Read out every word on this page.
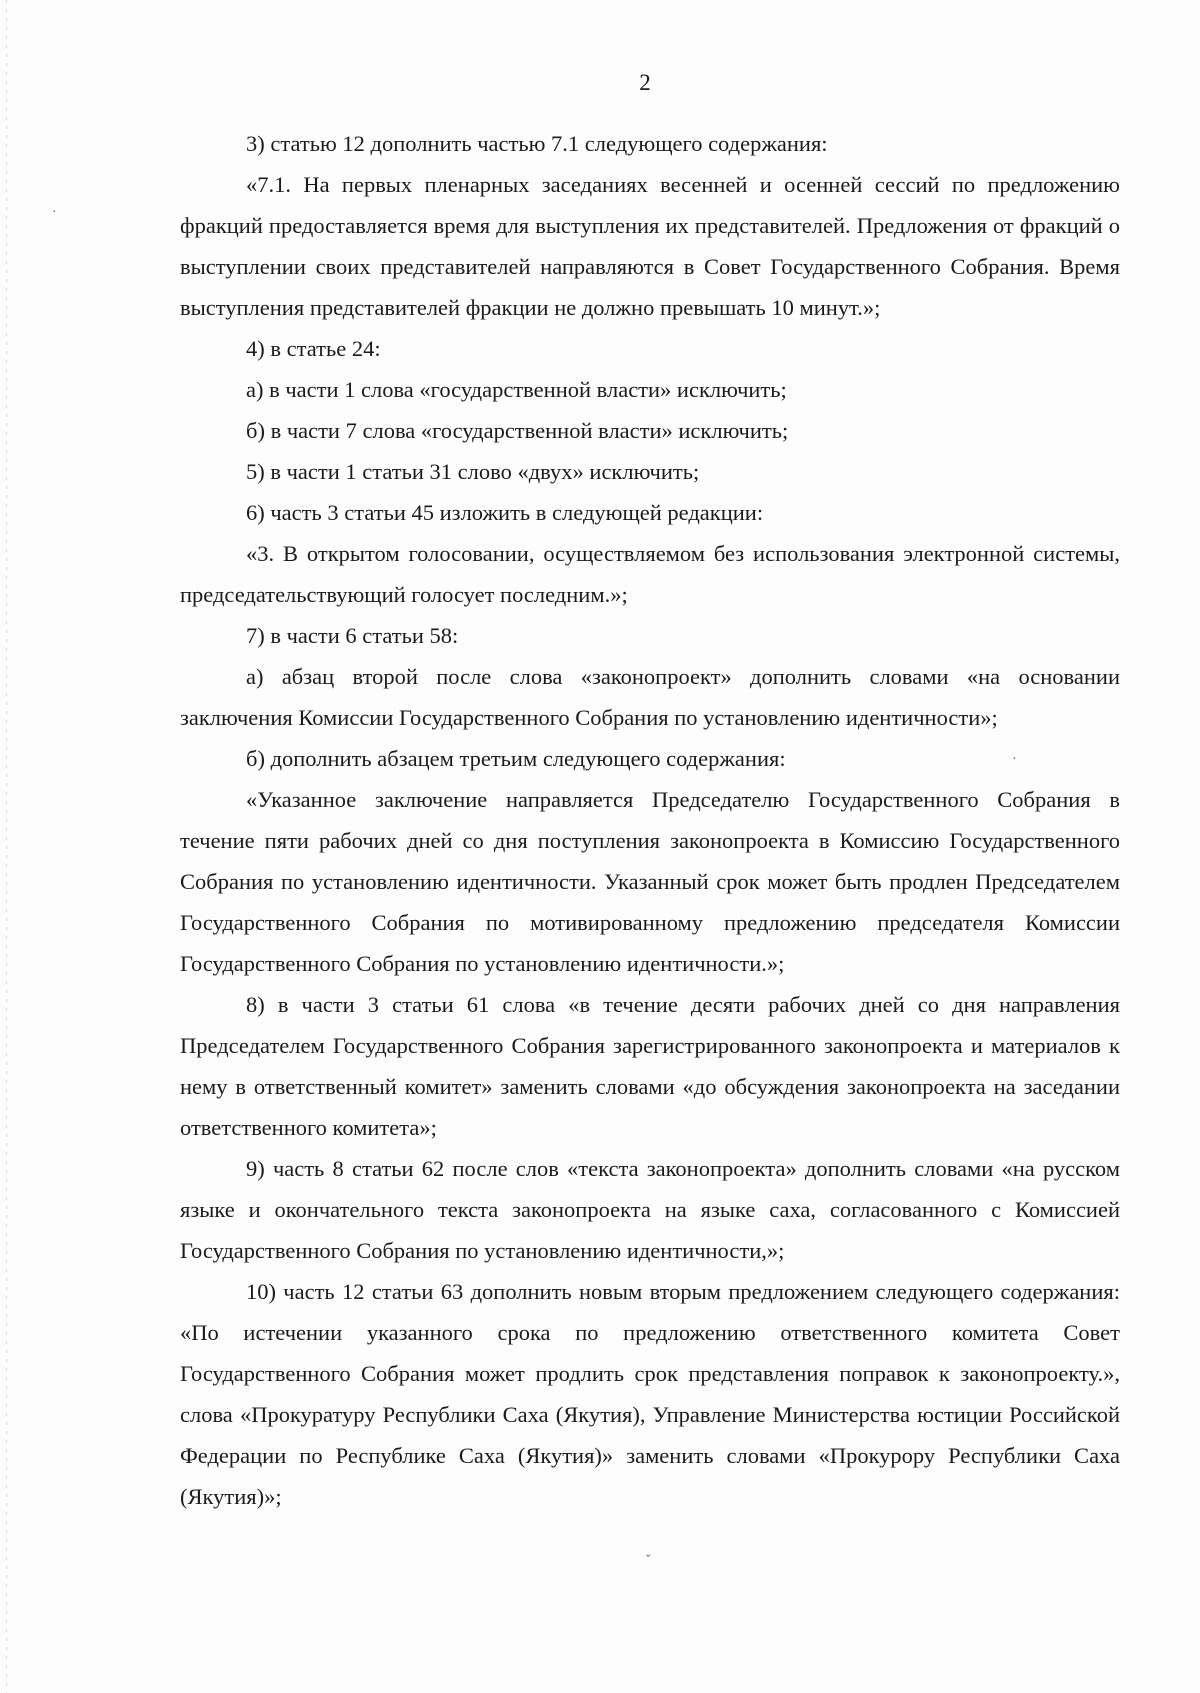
2

3) статью 12 дополнить частью 7.1 следующего содержания:

«7.1. На первых пленарных заседаниях весенней и осенней сессий по предложению фракций предоставляется время для выступления их представителей. Предложения от фракций о выступлении своих представителей направляются в Совет Государственного Собрания. Время выступления представителей фракции не должно превышать 10 минут.»;

4) в статье 24:

а) в части 1 слова «государственной власти» исключить;

б) в части 7 слова «государственной власти» исключить;

5) в части 1 статьи 31 слово «двух» исключить;

6) часть 3 статьи 45 изложить в следующей редакции:

«3. В открытом голосовании, осуществляемом без использования электронной системы, председательствующий голосует последним.»;

7) в части 6 статьи 58:

а) абзац второй после слова «законопроект» дополнить словами «на основании заключения Комиссии Государственного Собрания по установлению идентичности»;

б) дополнить абзацем третьим следующего содержания:

«Указанное заключение направляется Председателю Государственного Собрания в течение пяти рабочих дней со дня поступления законопроекта в Комиссию Государственного Собрания по установлению идентичности. Указанный срок может быть продлен Председателем Государственного Собрания по мотивированному предложению председателя Комиссии Государственного Собрания по установлению идентичности.»;

8) в части 3 статьи 61 слова «в течение десяти рабочих дней со дня направления Председателем Государственного Собрания зарегистрированного законопроекта и материалов к нему в ответственный комитет» заменить словами «до обсуждения законопроекта на заседании ответственного комитета»;

9) часть 8 статьи 62 после слов «текста законопроекта» дополнить словами «на русском языке и окончательного текста законопроекта на языке саха, согласованного с Комиссией Государственного Собрания по установлению идентичности,»;

10) часть 12 статьи 63 дополнить новым вторым предложением следующего содержания: «По истечении указанного срока по предложению ответственного комитета Совет Государственного Собрания может продлить срок представления поправок к законопроекту.», слова «Прокуратуру Республики Саха (Якутия), Управление Министерства юстиции Российской Федерации по Республике Саха (Якутия)» заменить словами «Прокурору Республики Саха (Якутия)»;

·
·
ˇ
